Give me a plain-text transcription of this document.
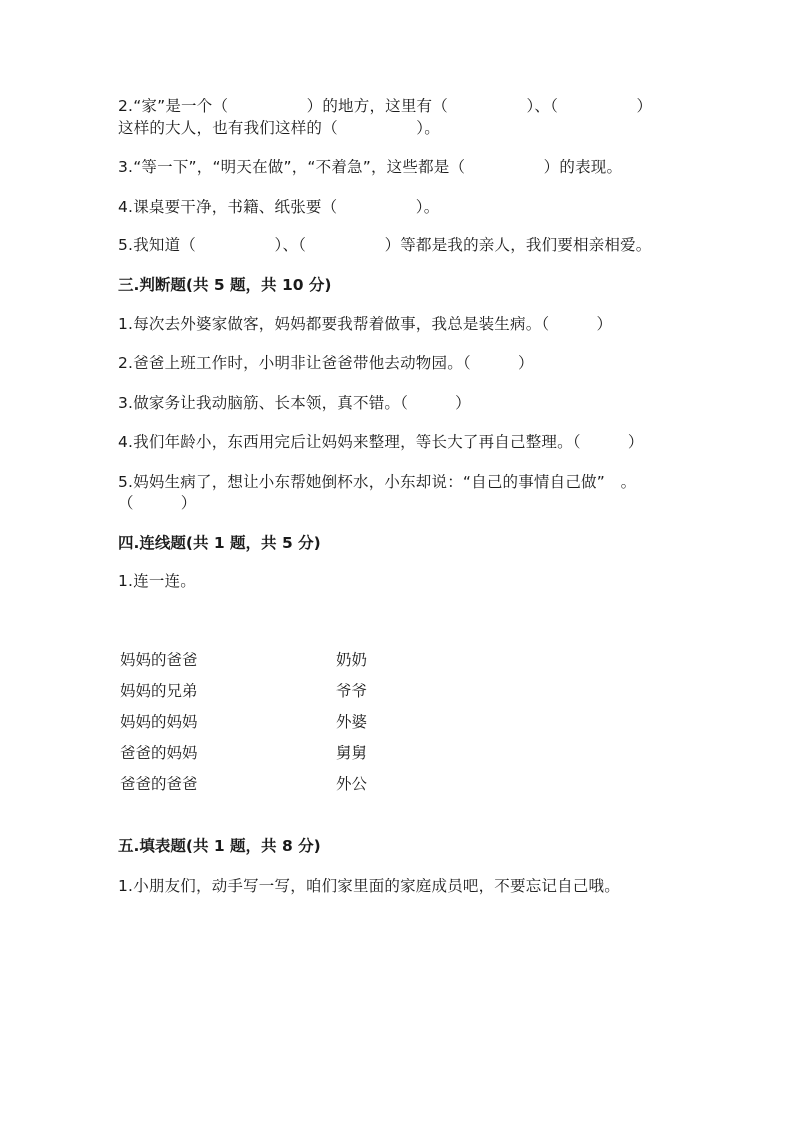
2.“家”是一个（　　　　　）的地方，这里有（　　　　　）、（　　　　　）
这样的大人，也有我们这样的（　　　　　）。
3.“等一下”，“明天在做”，“不着急”，这些都是（　　　　　）的表现。
4.课桌要干净，书籍、纸张要（　　　　　）。
5.我知道（　　　　　）、（　　　　　）等都是我的亲人，我们要相亲相爱。
三.判断题(共 5 题，共 10 分)
1.每次去外婆家做客，妈妈都要我帮着做事，我总是装生病。（　　　）
2.爸爸上班工作时，小明非让爸爸带他去动物园。（　　　）
3.做家务让我动脑筋、长本领，真不错。（　　　）
4.我们年龄小，东西用完后让妈妈来整理，等长大了再自己整理。（　　　）
5.妈妈生病了，想让小东帮她倒杯水，小东却说：“自己的事情自己做”　。
（　　　）
四.连线题(共 1 题，共 5 分)
1.连一连。
妈妈的爸爸
妈妈的兄弟
妈妈的妈妈
爸爸的妈妈
爸爸的爸爸
奶奶
爷爷
外婆
舅舅
外公
五.填表题(共 1 题，共 8 分)
1.小朋友们，动手写一写，咱们家里面的家庭成员吧，不要忘记自己哦。
